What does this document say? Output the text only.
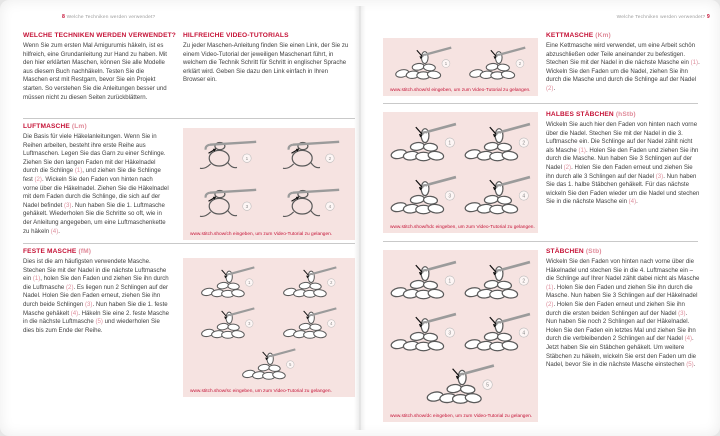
8 Welche Techniken werden verwendet?
WELCHE TECHNIKEN WERDEN VERWENDET?
Wenn Sie zum ersten Mal Amigurumis häkeln, ist es hilfreich, eine Grundanleitung zur Hand zu haben. Mit den hier erklärten Maschen, können Sie alle Modelle aus diesem Buch nachhäkeln. Testen Sie die Maschen erst mit Restgarn, bevor Sie ein Projekt starten. So verstehen Sie die Anleitungen besser und müssen nicht zu diesen Seiten zurückblättern.
HILFREICHE VIDEO-TUTORIALS
Zu jeder Maschen-Anleitung finden Sie einen Link, der Sie zu einem Video-Tutorial der jeweiligen Maschenart führt, in welchem die Technik Schritt für Schritt in englischer Sprache erklärt wird. Geben Sie dazu den Link einfach in Ihren Browser ein.
LUFTMASCHE (Lm)
Die Basis für viele Häkelanleitungen. Wenn Sie in Reihen arbeiten, besteht ihre erste Reihe aus Luftmaschen. Legen Sie das Garn zu einer Schlinge. Ziehen Sie den langen Faden mit der Häkelnadel durch die Schlinge (1), und ziehen Sie die Schlinge fest (2). Wickeln Sie den Faden von hinten nach vorne über die Häkelnadel. Ziehen Sie die Häkelnadel mit dem Faden durch die Schlinge, die sich auf der Nadel befindet (3). Nun haben Sie die 1. Luftmasche gehäkelt. Wiederholen Sie die Schritte so oft, wie in der Anleitung angegeben, um eine Luftmaschenkette zu häkeln (4).
1	2
3	4
www.stitch.show/ch eingeben, um zum Video-Tutorial zu gelangen.
FESTE MASCHE (fM)
Dies ist die am häufigsten verwendete Masche. Stechen Sie mit der Nadel in die nächste Luftmasche ein (1), holen Sie den Faden und ziehen Sie ihn durch die Luftmasche (2). Es liegen nun 2 Schlingen auf der Nadel. Holen Sie den Faden erneut, ziehen Sie ihn durch beide Schlingen (3). Nun haben Sie die 1. feste Masche gehäkelt (4). Häkeln Sie eine 2. feste Masche in die nächste Luftmasche (5) und wiederholen Sie dies bis zum Ende der Reihe.
1	2
3	4
5
www.stitch.show/sc eingeben, um zum Video-Tutorial zu gelangen.
Welche Techniken werden verwendet? 9
1	2
www.stitch.show/sl eingeben, um zum Video-Tutorial zu gelangen.
KETTMASCHE (Km)
Eine Kettmasche wird verwendet, um eine Arbeit schön abzuschließen oder Teile aneinander zu befestigen. Stechen Sie mit der Nadel in die nächste Masche ein (1). Wickeln Sie den Faden um die Nadel, ziehen Sie ihn durch die Masche und durch die Schlinge auf der Nadel (2).
1	2
3	4
www.stitch.show/hdc eingeben, um zum Video-Tutorial zu gelangen.
HALBES STÄBCHEN (hStb)
Wickeln Sie auch hier den Faden von hinten nach vorne über die Nadel. Stechen Sie mit der Nadel in die 3. Luftmasche ein. Die Schlinge auf der Nadel zählt nicht als Masche (1). Holen Sie den Faden und ziehen Sie ihn durch die Masche. Nun haben Sie 3 Schlingen auf der Nadel (2). Holen Sie den Faden erneut und ziehen Sie ihn durch alle 3 Schlingen auf der Nadel (3). Nun haben Sie das 1. halbe Stäbchen gehäkelt. Für das nächste wickeln Sie den Faden wieder um die Nadel und stechen Sie in die nächste Masche ein (4).
1	2
3	4
5
www.stitch.show/dc eingeben, um zum Video-Tutorial zu gelangen.
STÄBCHEN (Stb)
Wickeln Sie den Faden von hinten nach vorne über die Häkelnadel und stechen Sie in die 4. Luftmasche ein – die Schlinge auf Ihrer Nadel zählt dabei nicht als Masche (1). Holen Sie den Faden und ziehen Sie ihn durch die Masche. Nun haben Sie 3 Schlingen auf der Häkelnadel (2). Holen Sie den Faden erneut und ziehen Sie ihn durch die ersten beiden Schlingen auf der Nadel (3). Nun haben Sie noch 2 Schlingen auf der Häkelnadel. Holen Sie den Faden ein letztes Mal und ziehen Sie ihn durch die verbleibenden 2 Schlingen auf der Nadel (4). Jetzt haben Sie ein Stäbchen gehäkelt. Um weitere Stäbchen zu häkeln, wickeln Sie erst den Faden um die Nadel, bevor Sie in die nächste Masche einstechen (5).
